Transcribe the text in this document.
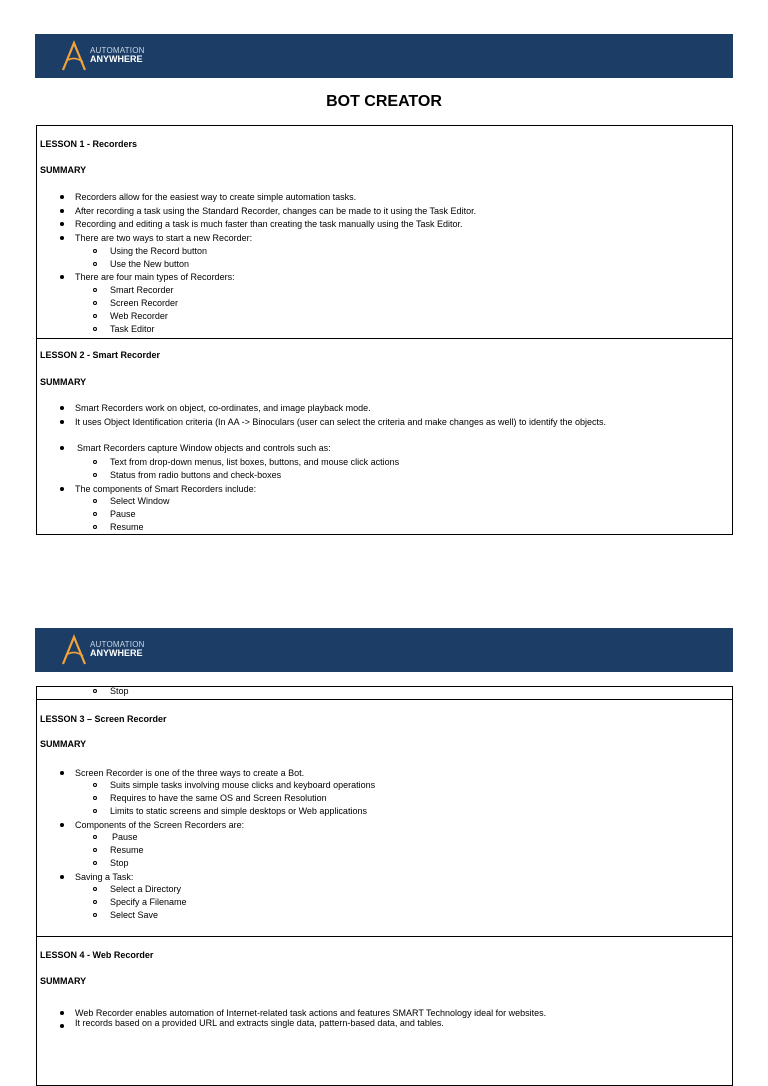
AUTOMATION
ANYWHERE
BOT CREATOR
LESSON 1 - Recorders
SUMMARY
Recorders allow for the easiest way to create simple automation tasks.
After recording a task using the Standard Recorder, changes can be made to it using the Task Editor.
Recording and editing a task is much faster than creating the task manually using the Task Editor.
There are two ways to start a new Recorder:
Using the Record button
Use the New button
There are four main types of Recorders:
Smart Recorder
Screen Recorder
Web Recorder
Task Editor
LESSON 2 - Smart Recorder
SUMMARY
Smart Recorders work on object, co-ordinates, and image playback mode.
It uses Object Identification criteria (In AA -> Binoculars (user can select the criteria and make changes as well) to identify the objects.
Smart Recorders capture Window objects and controls such as:
Text from drop-down menus, list boxes, buttons, and mouse click actions
Status from radio buttons and check-boxes
The components of Smart Recorders include:
Select Window
Pause
Resume
AUTOMATION
ANYWHERE
Stop
LESSON 3 – Screen Recorder
SUMMARY
Screen Recorder is one of the three ways to create a Bot.
Suits simple tasks involving mouse clicks and keyboard operations
Requires to have the same OS and Screen Resolution
Limits to static screens and simple desktops or Web applications
Components of the Screen Recorders are:
Pause
Resume
Stop
Saving a Task:
Select a Directory
Specify a Filename
Select Save
LESSON 4 - Web Recorder
SUMMARY
Web Recorder enables automation of Internet-related task actions and features SMART Technology ideal for websites.
It records based on a provided URL and extracts single data, pattern-based data, and tables.
